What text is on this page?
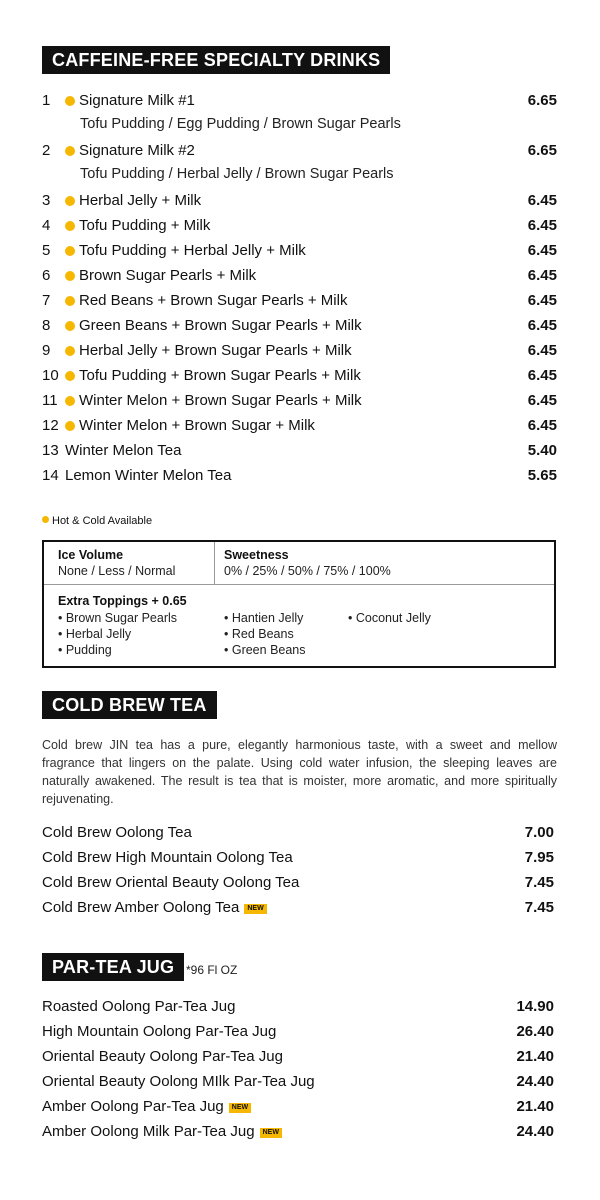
CAFFEINE-FREE SPECIALTY DRINKS
1 Signature Milk #1	6.65
Tofu Pudding / Egg Pudding / Brown Sugar Pearls
2 Signature Milk #2	6.65
Tofu Pudding / Herbal Jelly / Brown Sugar Pearls
3 Herbal Jelly + Milk	6.45
4 Tofu Pudding + Milk	6.45
5 Tofu Pudding + Herbal Jelly + Milk	6.45
6 Brown Sugar Pearls + Milk	6.45
7 Red Beans + Brown Sugar Pearls + Milk	6.45
8 Green Beans + Brown Sugar Pearls + Milk	6.45
9 Herbal Jelly + Brown Sugar Pearls + Milk	6.45
10 Tofu Pudding + Brown Sugar Pearls + Milk	6.45
11 Winter Melon + Brown Sugar Pearls + Milk	6.45
12 Winter Melon + Brown Sugar + Milk	6.45
13 Winter Melon Tea	5.40
14 Lemon Winter Melon Tea	5.65
Hot & Cold Available
Ice Volume
None / Less / Normal
Sweetness
0% / 25% / 50% / 75% / 100%
Extra Toppings + 0.65
• Brown Sugar Pearls
• Herbal Jelly
• Pudding
• Hantien Jelly
• Red Beans
• Green Beans
• Coconut Jelly
COLD BREW TEA
Cold brew JIN tea has a pure, elegantly harmonious taste, with a sweet and mellow fragrance that lingers on the palate. Using cold water infusion, the sleeping leaves are naturally awakened. The result is tea that is moister, more aromatic, and more spiritually rejuvenating.
Cold Brew Oolong Tea	7.00
Cold Brew High Mountain Oolong Tea	7.95
Cold Brew Oriental Beauty Oolong Tea	7.45
Cold Brew Amber Oolong Tea NEW	7.45
PAR-TEA JUG *96 Fl OZ
Roasted Oolong Par-Tea Jug	14.90
High Mountain Oolong Par-Tea Jug	26.40
Oriental Beauty Oolong Par-Tea Jug	21.40
Oriental Beauty Oolong MIlk Par-Tea Jug	24.40
Amber Oolong Par-Tea Jug NEW	21.40
Amber Oolong Milk Par-Tea Jug NEW	24.40
